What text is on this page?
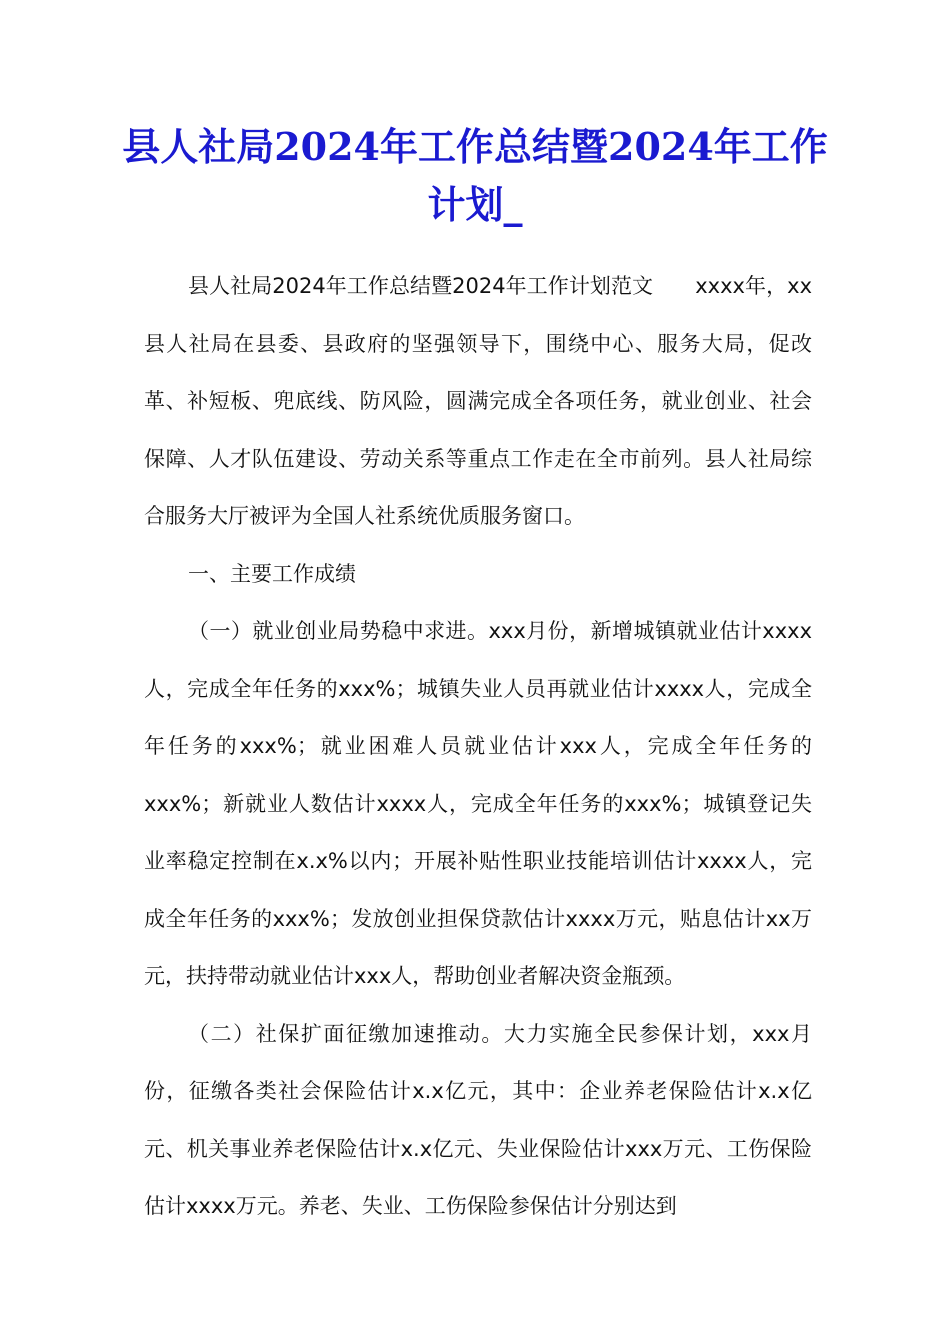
县人社局2024年工作总结暨2024年工作计划_

县人社局2024年工作总结暨2024年工作计划范文　　xxxx年，xx县人社局在县委、县政府的坚强领导下，围绕中心、服务大局，促改革、补短板、兜底线、防风险，圆满完成全各项任务，就业创业、社会保障、人才队伍建设、劳动关系等重点工作走在全市前列。县人社局综合服务大厅被评为全国人社系统优质服务窗口。

一、主要工作成绩

（一）就业创业局势稳中求进。xxx月份，新增城镇就业估计xxxx人，完成全年任务的xxx%；城镇失业人员再就业估计xxxx人，完成全年任务的xxx%；就业困难人员就业估计xxx人，完成全年任务的xxx%；新就业人数估计xxxx人，完成全年任务的xxx%；城镇登记失业率稳定控制在x.x%以内；开展补贴性职业技能培训估计xxxx人，完成全年任务的xxx%；发放创业担保贷款估计xxxx万元，贴息估计xx万元，扶持带动就业估计xxx人，帮助创业者解决资金瓶颈。

（二）社保扩面征缴加速推动。大力实施全民参保计划，xxx月份，征缴各类社会保险估计x.x亿元，其中：企业养老保险估计x.x亿元、机关事业养老保险估计x.x亿元、失业保险估计xxx万元、工伤保险估计xxxx万元。养老、失业、工伤保险参保估计分别达到
